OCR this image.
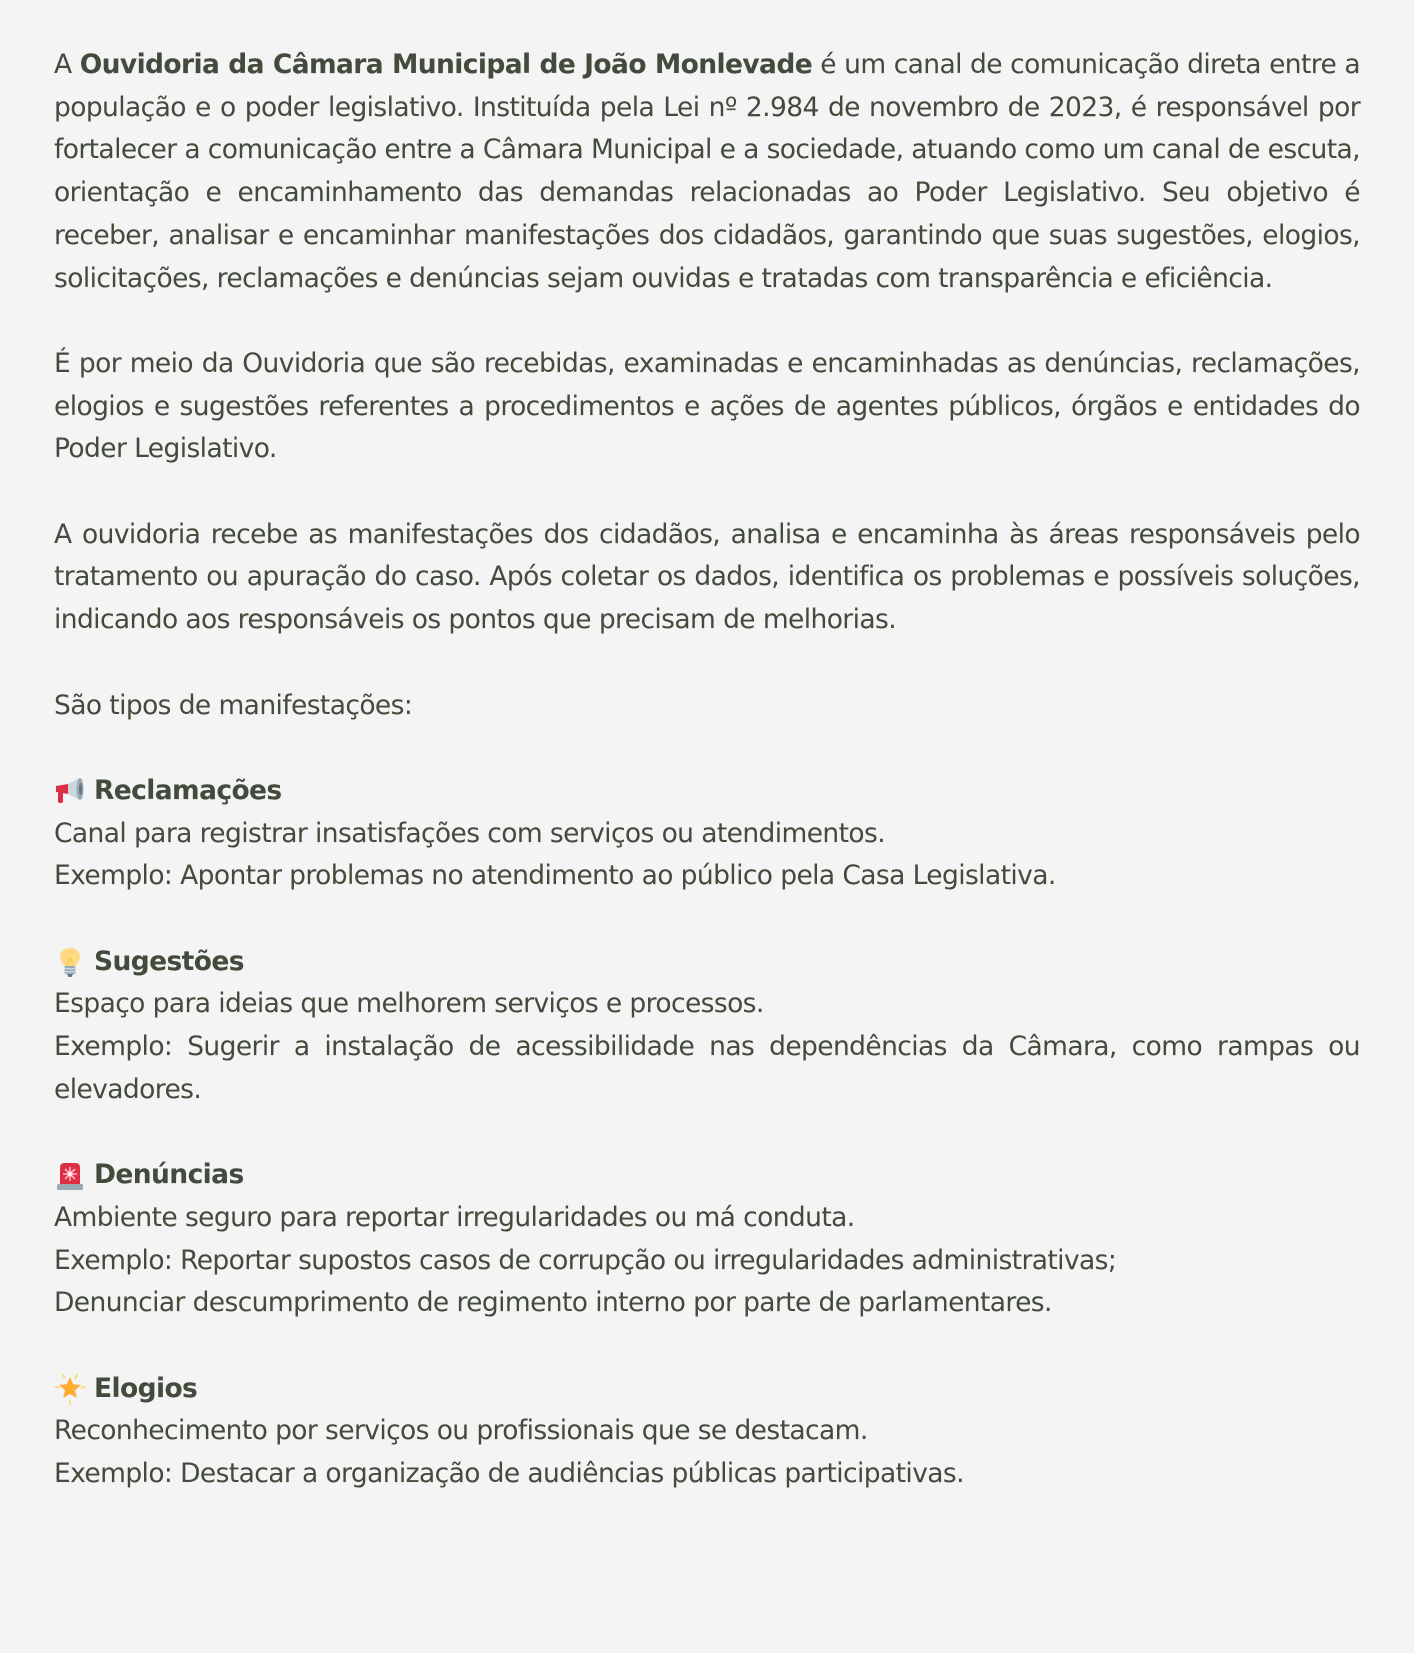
A Ouvidoria da Câmara Municipal de João Monlevade é um canal de comunicação direta entre a população e o poder legislativo. Instituída pela Lei nº 2.984 de novembro de 2023, é responsável por fortalecer a comunicação entre a Câmara Municipal e a sociedade, atuando como um canal de escuta, orientação e encaminhamento das demandas relacionadas ao Poder Legislativo. Seu objetivo é receber, analisar e encaminhar manifestações dos cidadãos, garantindo que suas sugestões, elogios, solicitações, reclamações e denúncias sejam ouvidas e tratadas com transparência e eficiência.

É por meio da Ouvidoria que são recebidas, examinadas e encaminhadas as denúncias, reclamações, elogios e sugestões referentes a procedimentos e ações de agentes públicos, órgãos e entidades do Poder Legislativo.

A ouvidoria recebe as manifestações dos cidadãos, analisa e encaminha às áreas responsáveis pelo tratamento ou apuração do caso. Após coletar os dados, identifica os problemas e possíveis soluções, indicando aos responsáveis os pontos que precisam de melhorias.

São tipos de manifestações:

Reclamações
Canal para registrar insatisfações com serviços ou atendimentos.
Exemplo: Apontar problemas no atendimento ao público pela Casa Legislativa.
Sugestões
Espaço para ideias que melhorem serviços e processos.
Exemplo: Sugerir a instalação de acessibilidade nas dependências da Câmara, como rampas ou elevadores.
Denúncias
Ambiente seguro para reportar irregularidades ou má conduta.
Exemplo: Reportar supostos casos de corrupção ou irregularidades administrativas;
Denunciar descumprimento de regimento interno por parte de parlamentares.
Elogios
Reconhecimento por serviços ou profissionais que se destacam.
Exemplo: Destacar a organização de audiências públicas participativas.
